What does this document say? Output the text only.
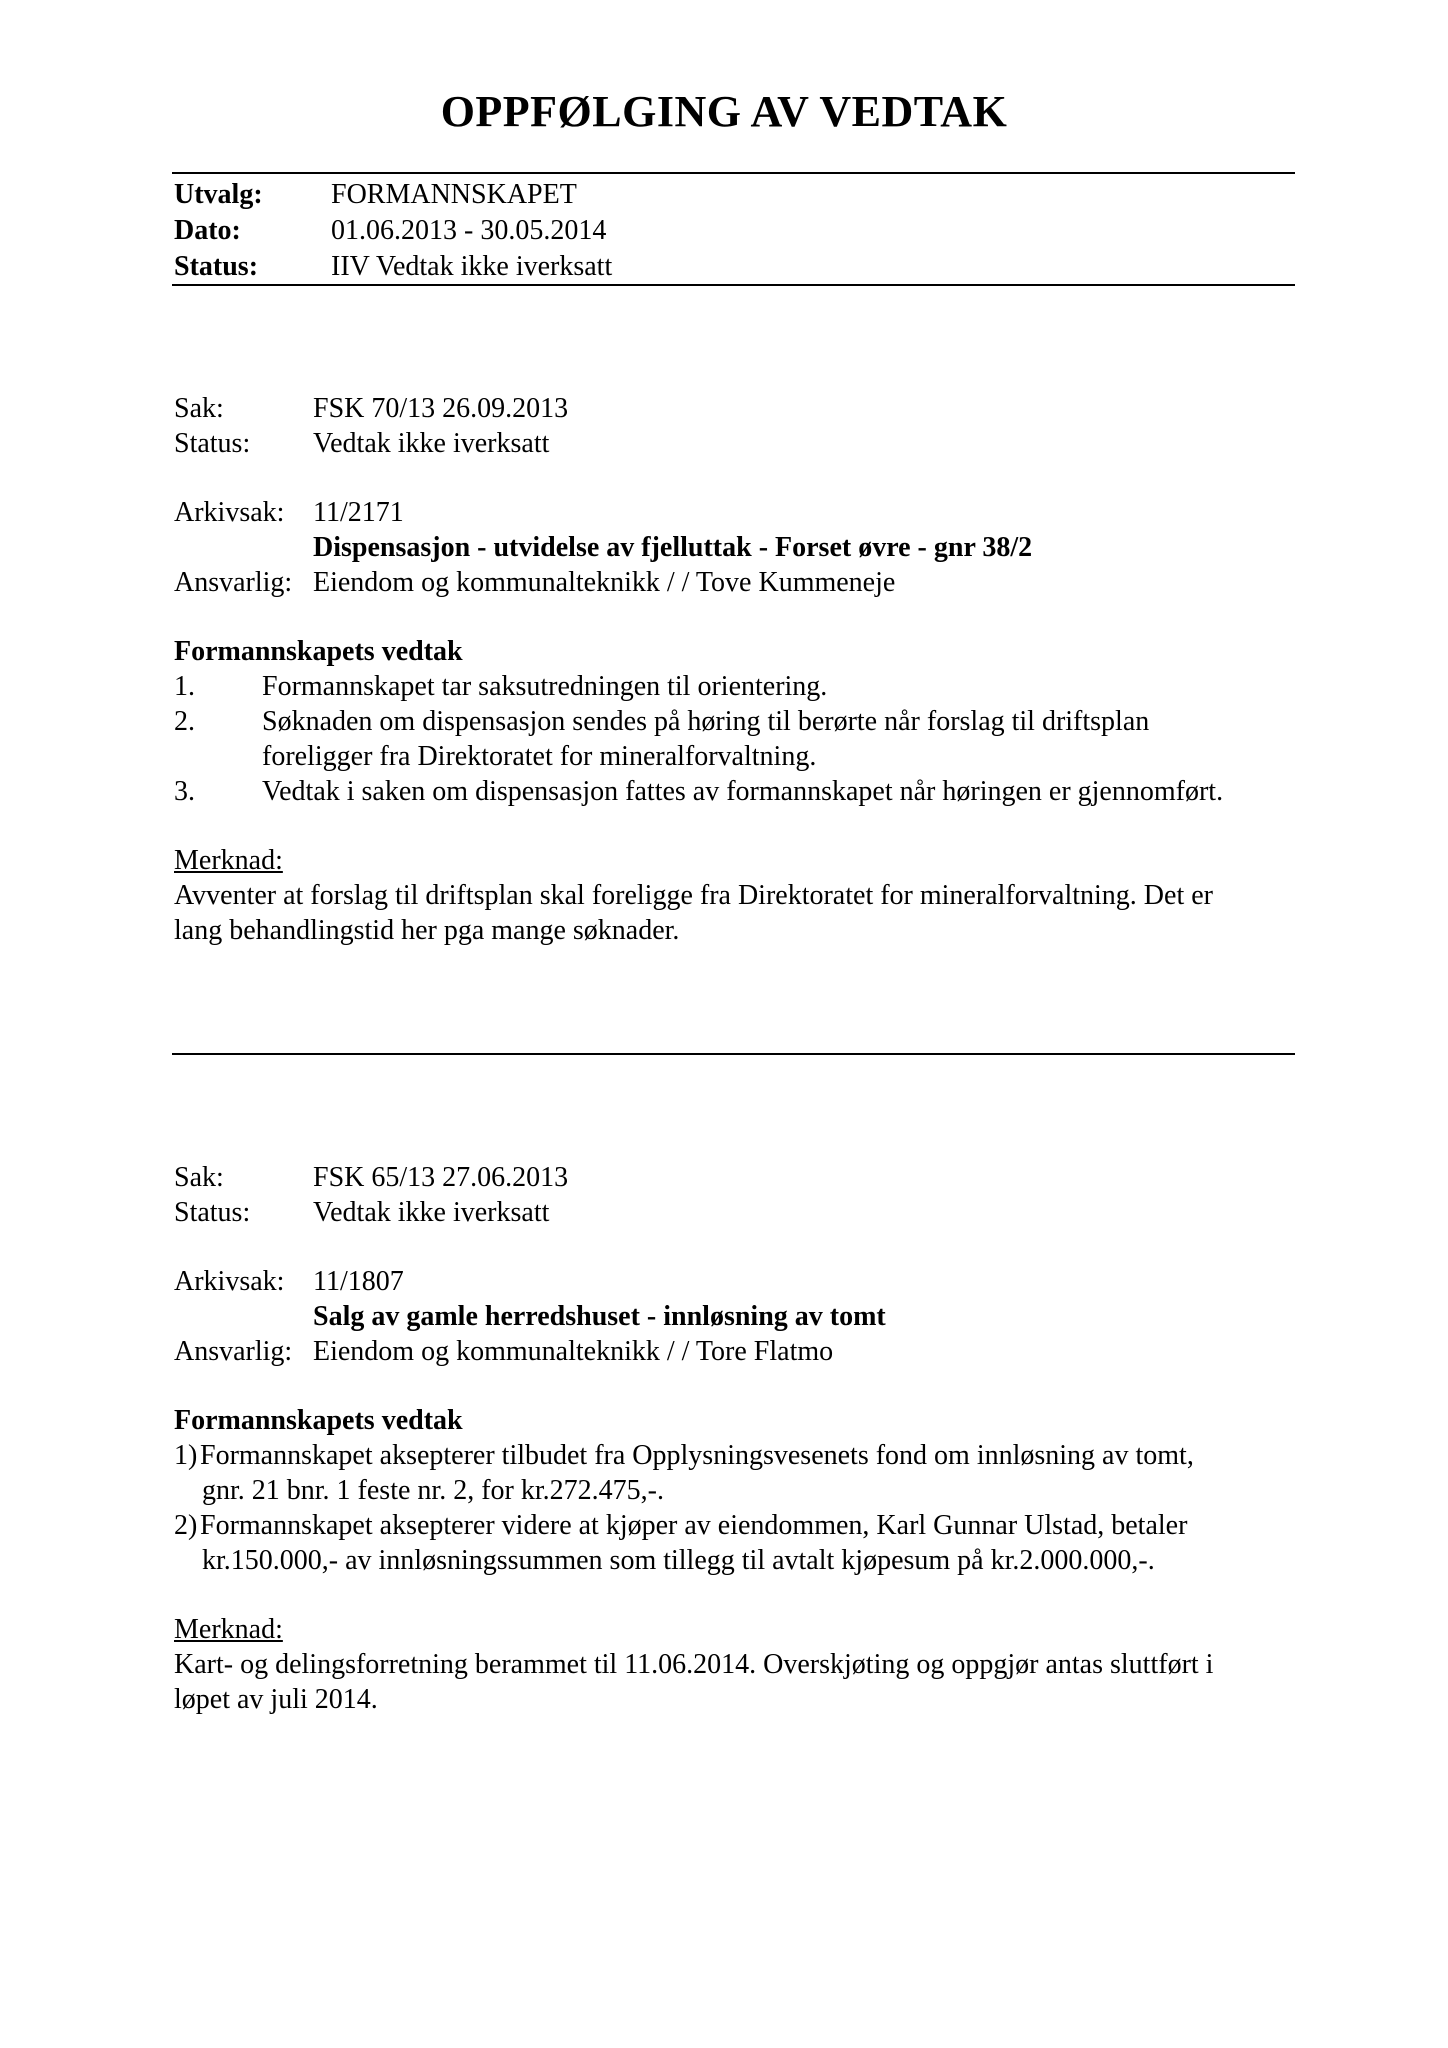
OPPFØLGING AV VEDTAK
Utvalg: FORMANNSKAPET
Dato:	01.06.2013 - 30.05.2014
Status:	IIV Vedtak ikke iverksatt
Sak:	FSK 70/13 26.09.2013
Status: Vedtak ikke iverksatt
Arkivsak: 11/2171
Dispensasjon - utvidelse av fjelluttak - Forset øvre - gnr 38/2
Ansvarlig: Eiendom og kommunalteknikk / / Tove Kummeneje
Formannskapets vedtak
1. Formannskapet tar saksutredningen til orientering.
2. Søknaden om dispensasjon sendes på høring til berørte når forslag til driftsplan
foreligger fra Direktoratet for mineralforvaltning.
3. Vedtak i saken om dispensasjon fattes av formannskapet når høringen er gjennomført.
Merknad:
Avventer at forslag til driftsplan skal foreligge fra Direktoratet for mineralforvaltning. Det er
lang behandlingstid her pga mange søknader.
Sak:	FSK 65/13 27.06.2013
Status: Vedtak ikke iverksatt
Arkivsak: 11/1807
Salg av gamle herredshuset - innløsning av tomt
Ansvarlig: Eiendom og kommunalteknikk / / Tore Flatmo
Formannskapets vedtak
1) Formannskapet aksepterer tilbudet fra Opplysningsvesenets fond om innløsning av tomt,
gnr. 21 bnr. 1 feste nr. 2, for kr.272.475,-.
2) Formannskapet aksepterer videre at kjøper av eiendommen, Karl Gunnar Ulstad, betaler
kr.150.000,- av innløsningssummen som tillegg til avtalt kjøpesum på kr.2.000.000,-.
Merknad:
Kart- og delingsforretning berammet til 11.06.2014. Overskjøting og oppgjør antas sluttført i
løpet av juli 2014.
